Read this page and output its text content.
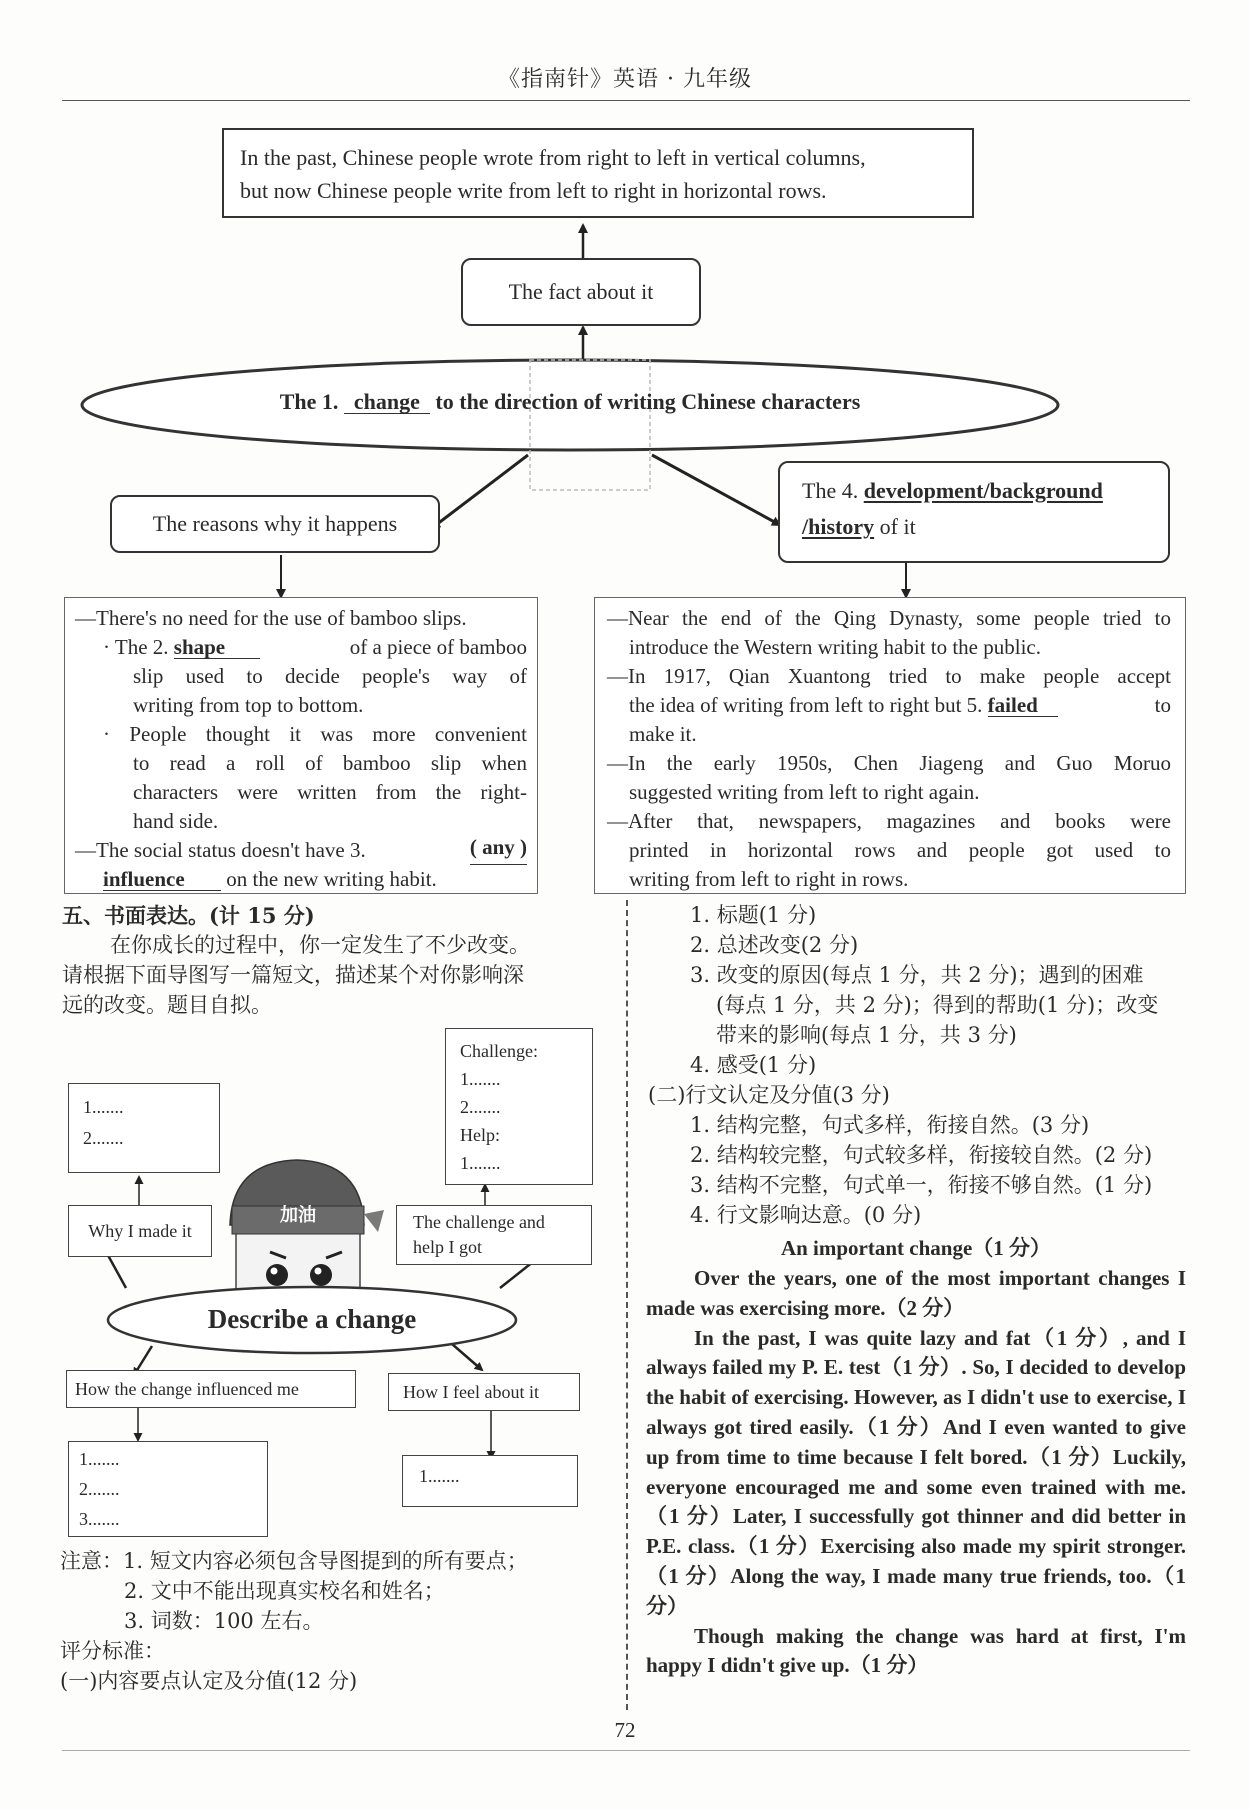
《指南针》英语 · 九年级
In the past, Chinese people wrote from right to left in vertical columns,
but now Chinese people write from left to right in horizontal rows.
The fact about it
The 1. change to the direction of writing Chinese characters
The reasons why it happens
The 4. development/background
/history of it
—There's no need for the use of bamboo slips.
· The 2. shape	of a piece of bamboo
slip used to decide people's way of
writing from top to bottom.
· People thought it was more convenient
to read a roll of bamboo slip when
characters were written from the right-
hand side.
—The social status doesn't have 3.	( any )
influence on the new writing habit.
—Near the end of the Qing Dynasty, some people tried to
introduce the Western writing habit to the public.
—In 1917, Qian Xuantong tried to make people accept
the idea of writing from left to right but 5. failed	to
make it.
—In the early 1950s, Chen Jiageng and Guo Moruo
suggested writing from left to right again.
—After that, newspapers, magazines and books were
printed in horizontal rows and people got used to
writing from left to right in rows.
五、书面表达。(计 15 分)
在你成长的过程中，你一定发生了不少改变。
请根据下面导图写一篇短文，描述某个对你影响深
远的改变。题目自拟。
加油
Describe a change
1.......
2.......
Why I made it
Challenge:
1.......
2.......
Help:
1.......
The challenge and help I got
How the change influenced me
1.......
2.......
3.......
How I feel about it
1.......
注意：1. 短文内容必须包含导图提到的所有要点；
2. 文中不能出现真实校名和姓名；
3. 词数：100 左右。
评分标准：
(一)内容要点认定及分值(12 分)
1. 标题(1 分)
2. 总述改变(2 分)
3. 改变的原因(每点 1 分，共 2 分)；遇到的困难
(每点 1 分，共 2 分)；得到的帮助(1 分)；改变
带来的影响(每点 1 分，共 3 分)
4. 感受(1 分)
(二)行文认定及分值(3 分)
1. 结构完整，句式多样，衔接自然。(3 分)
2. 结构较完整，句式较多样，衔接较自然。(2 分)
3. 结构不完整，句式单一，衔接不够自然。(1 分)
4. 行文影响达意。(0 分)
An important change（1 分）

Over the years, one of the most important changes I made was exercising more.（2 分）

In the past, I was quite lazy and fat（1 分）, and I always failed my P. E. test（1 分）. So, I decided to develop the habit of exercising. However, as I didn't use to exercise, I always got tired easily.（1 分）And I even wanted to give up from time to time because I felt bored.（1 分）Luckily, everyone encouraged me and some even trained with me.（1 分）Later, I successfully got thinner and did better in P.E. class.（1 分）Exercising also made my spirit stronger.（1 分）Along the way, I made many true friends, too.（1 分）

Though making the change was hard at first, I'm happy I didn't give up.（1 分）

72
